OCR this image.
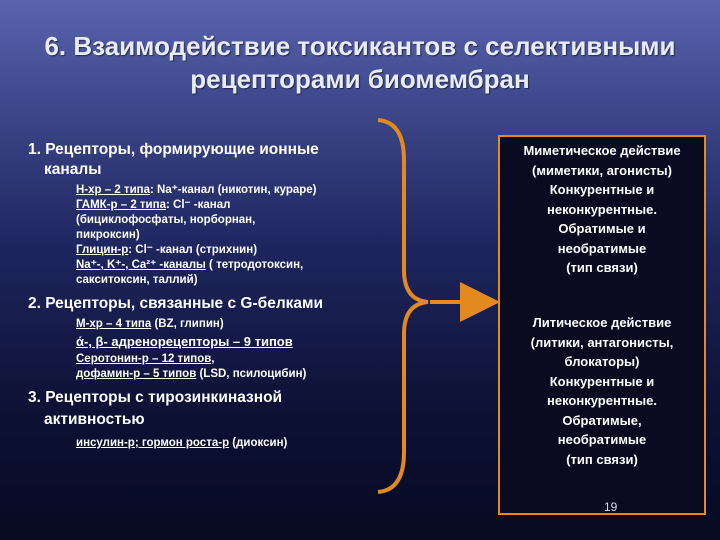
6. Взаимодействие токсикантов с селективными рецепторами биомембран
1. Рецепторы, формирующие ионные
каналы
Н-хр – 2 типа: Na⁺-канал (никотин, кураре)
ГАМК-р – 2 типа: Cl⁻ -канал
(бициклофосфаты, норборнан,
пикроксин)
Глицин-р: Cl⁻ -канал (стрихнин)
Na⁺-, K⁺-, Ca²⁺ -каналы ( тетродотоксин,
сакситоксин, таллий)
2. Рецепторы, связанные с G-белками
М-хр – 4 типа (BZ, глипин)
ά-, β- адренорецепторы – 9 типов
Серотонин-р – 12 типов,
дофамин-р – 5 типов (LSD, псилоцибин)
3. Рецепторы с тирозинкиназной
активностью
инсулин-р; гормон роста-р (диоксин)
Миметическое действие
(миметики, агонисты)
Конкурентные и
неконкурентные.
Обратимые и
необратимые
(тип связи)
Литическое действие
(литики, антагонисты,
блокаторы)
Конкурентные и
неконкурентные.
Обратимые,
необратимые
(тип связи)
19
